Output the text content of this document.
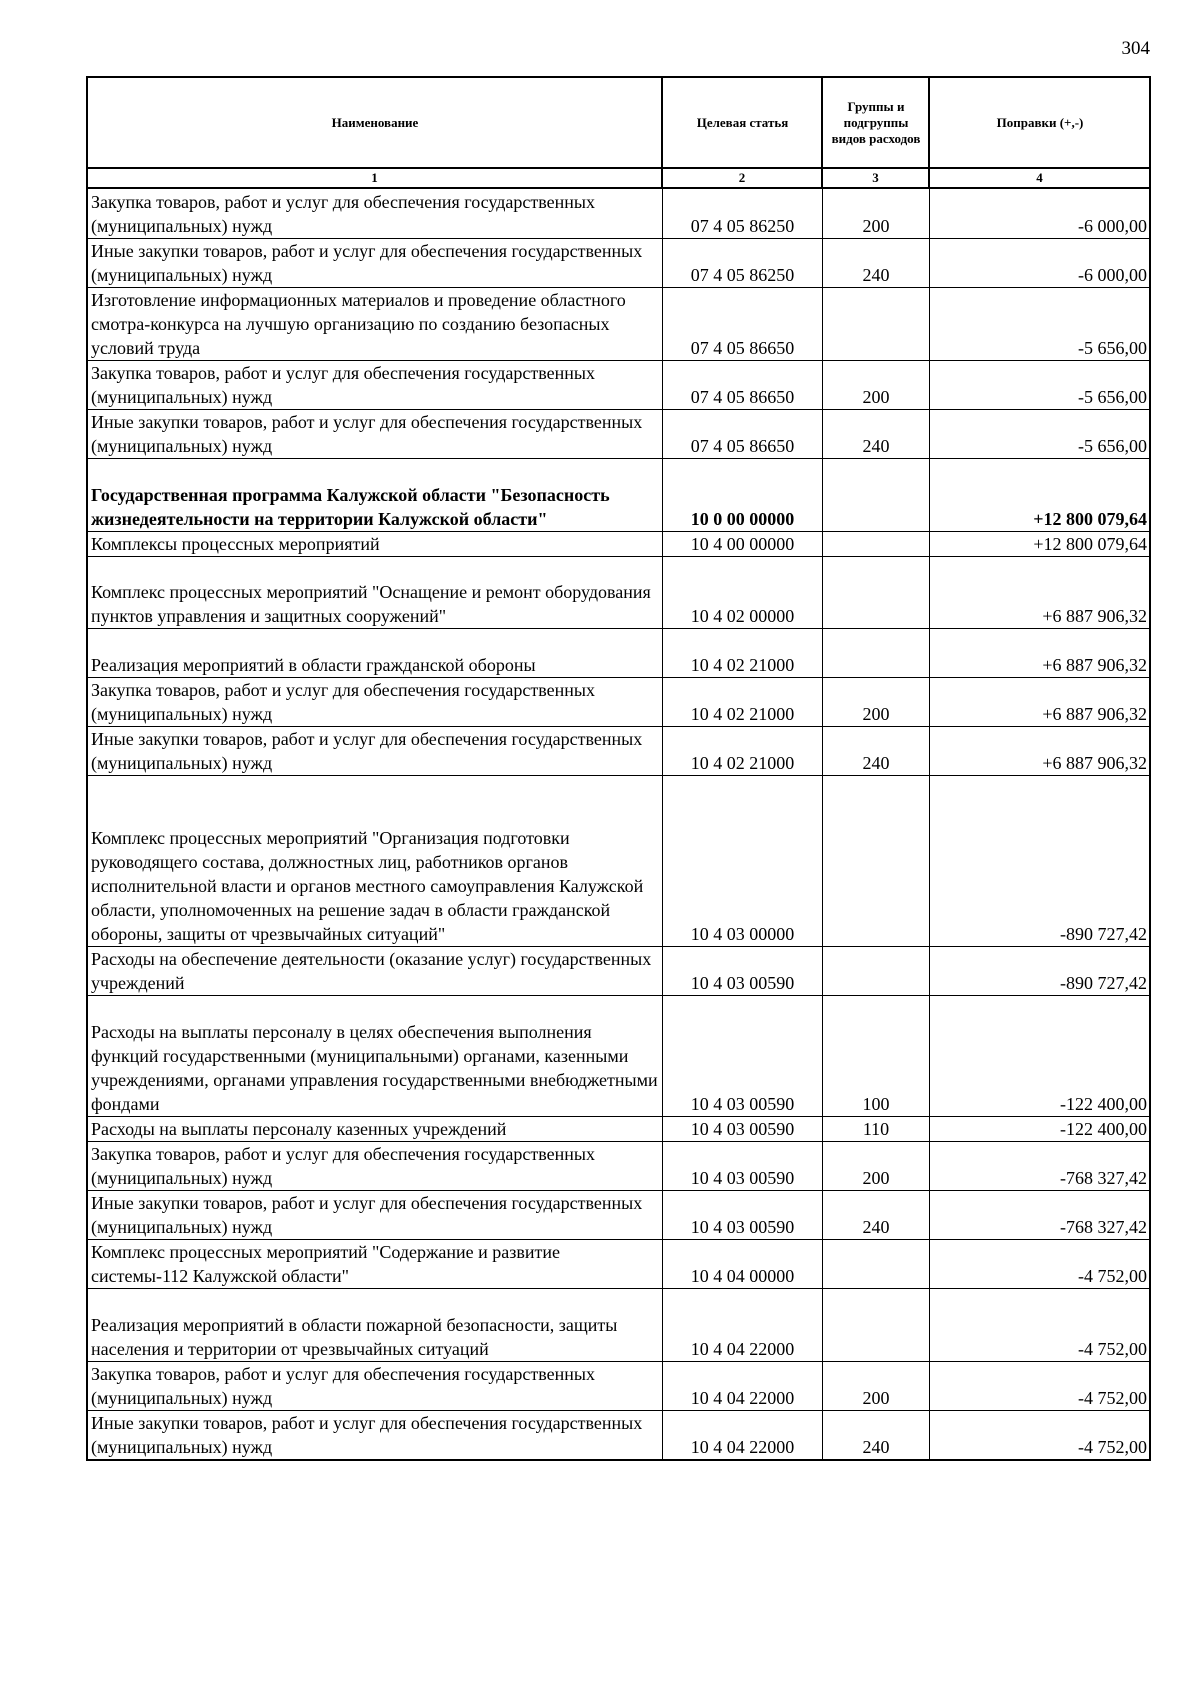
304
Наименование	Целевая статья	Группы и подгруппы видов расходов	Поправки (+,-)
1	2	3	4
Закупка товаров, работ и услуг для обеспечения государственных (муниципальных) нужд	07 4 05 86250	200	-6 000,00
Иные закупки товаров, работ и услуг для обеспечения государственных (муниципальных) нужд	07 4 05 86250	240	-6 000,00
Изготовление информационных материалов и проведение областного смотра-конкурса на лучшую организацию по созданию безопасных условий труда	07 4 05 86650		-5 656,00
Закупка товаров, работ и услуг для обеспечения государственных (муниципальных) нужд	07 4 05 86650	200	-5 656,00
Иные закупки товаров, работ и услуг для обеспечения государственных (муниципальных) нужд	07 4 05 86650	240	-5 656,00
Государственная программа Калужской области "Безопасность жизнедеятельности на территории Калужской области"	10 0 00 00000		+12 800 079,64
Комплексы процессных мероприятий	10 4 00 00000		+12 800 079,64
Комплекс процессных мероприятий "Оснащение и ремонт оборудования пунктов управления и защитных сооружений"	10 4 02 00000		+6 887 906,32
Реализация мероприятий в области гражданской обороны	10 4 02 21000		+6 887 906,32
Закупка товаров, работ и услуг для обеспечения государственных (муниципальных) нужд	10 4 02 21000	200	+6 887 906,32
Иные закупки товаров, работ и услуг для обеспечения государственных (муниципальных) нужд	10 4 02 21000	240	+6 887 906,32
Комплекс процессных мероприятий "Организация подготовки руководящего состава, должностных лиц, работников органов исполнительной власти и органов местного самоуправления Калужской области, уполномоченных на решение задач в области гражданской обороны, защиты от чрезвычайных ситуаций"	10 4 03 00000		-890 727,42
Расходы на обеспечение деятельности (оказание услуг) государственных учреждений	10 4 03 00590		-890 727,42
Расходы на выплаты персоналу в целях обеспечения выполнения функций государственными (муниципальными) органами, казенными учреждениями, органами управления государственными внебюджетными фондами	10 4 03 00590	100	-122 400,00
Расходы на выплаты персоналу казенных учреждений	10 4 03 00590	110	-122 400,00
Закупка товаров, работ и услуг для обеспечения государственных (муниципальных) нужд	10 4 03 00590	200	-768 327,42
Иные закупки товаров, работ и услуг для обеспечения государственных (муниципальных) нужд	10 4 03 00590	240	-768 327,42
Комплекс процессных мероприятий "Содержание и развитие системы-112 Калужской области"	10 4 04 00000		-4 752,00
Реализация мероприятий в области пожарной безопасности, защиты населения и территории от чрезвычайных ситуаций	10 4 04 22000		-4 752,00
Закупка товаров, работ и услуг для обеспечения государственных (муниципальных) нужд	10 4 04 22000	200	-4 752,00
Иные закупки товаров, работ и услуг для обеспечения государственных (муниципальных) нужд	10 4 04 22000	240	-4 752,00
